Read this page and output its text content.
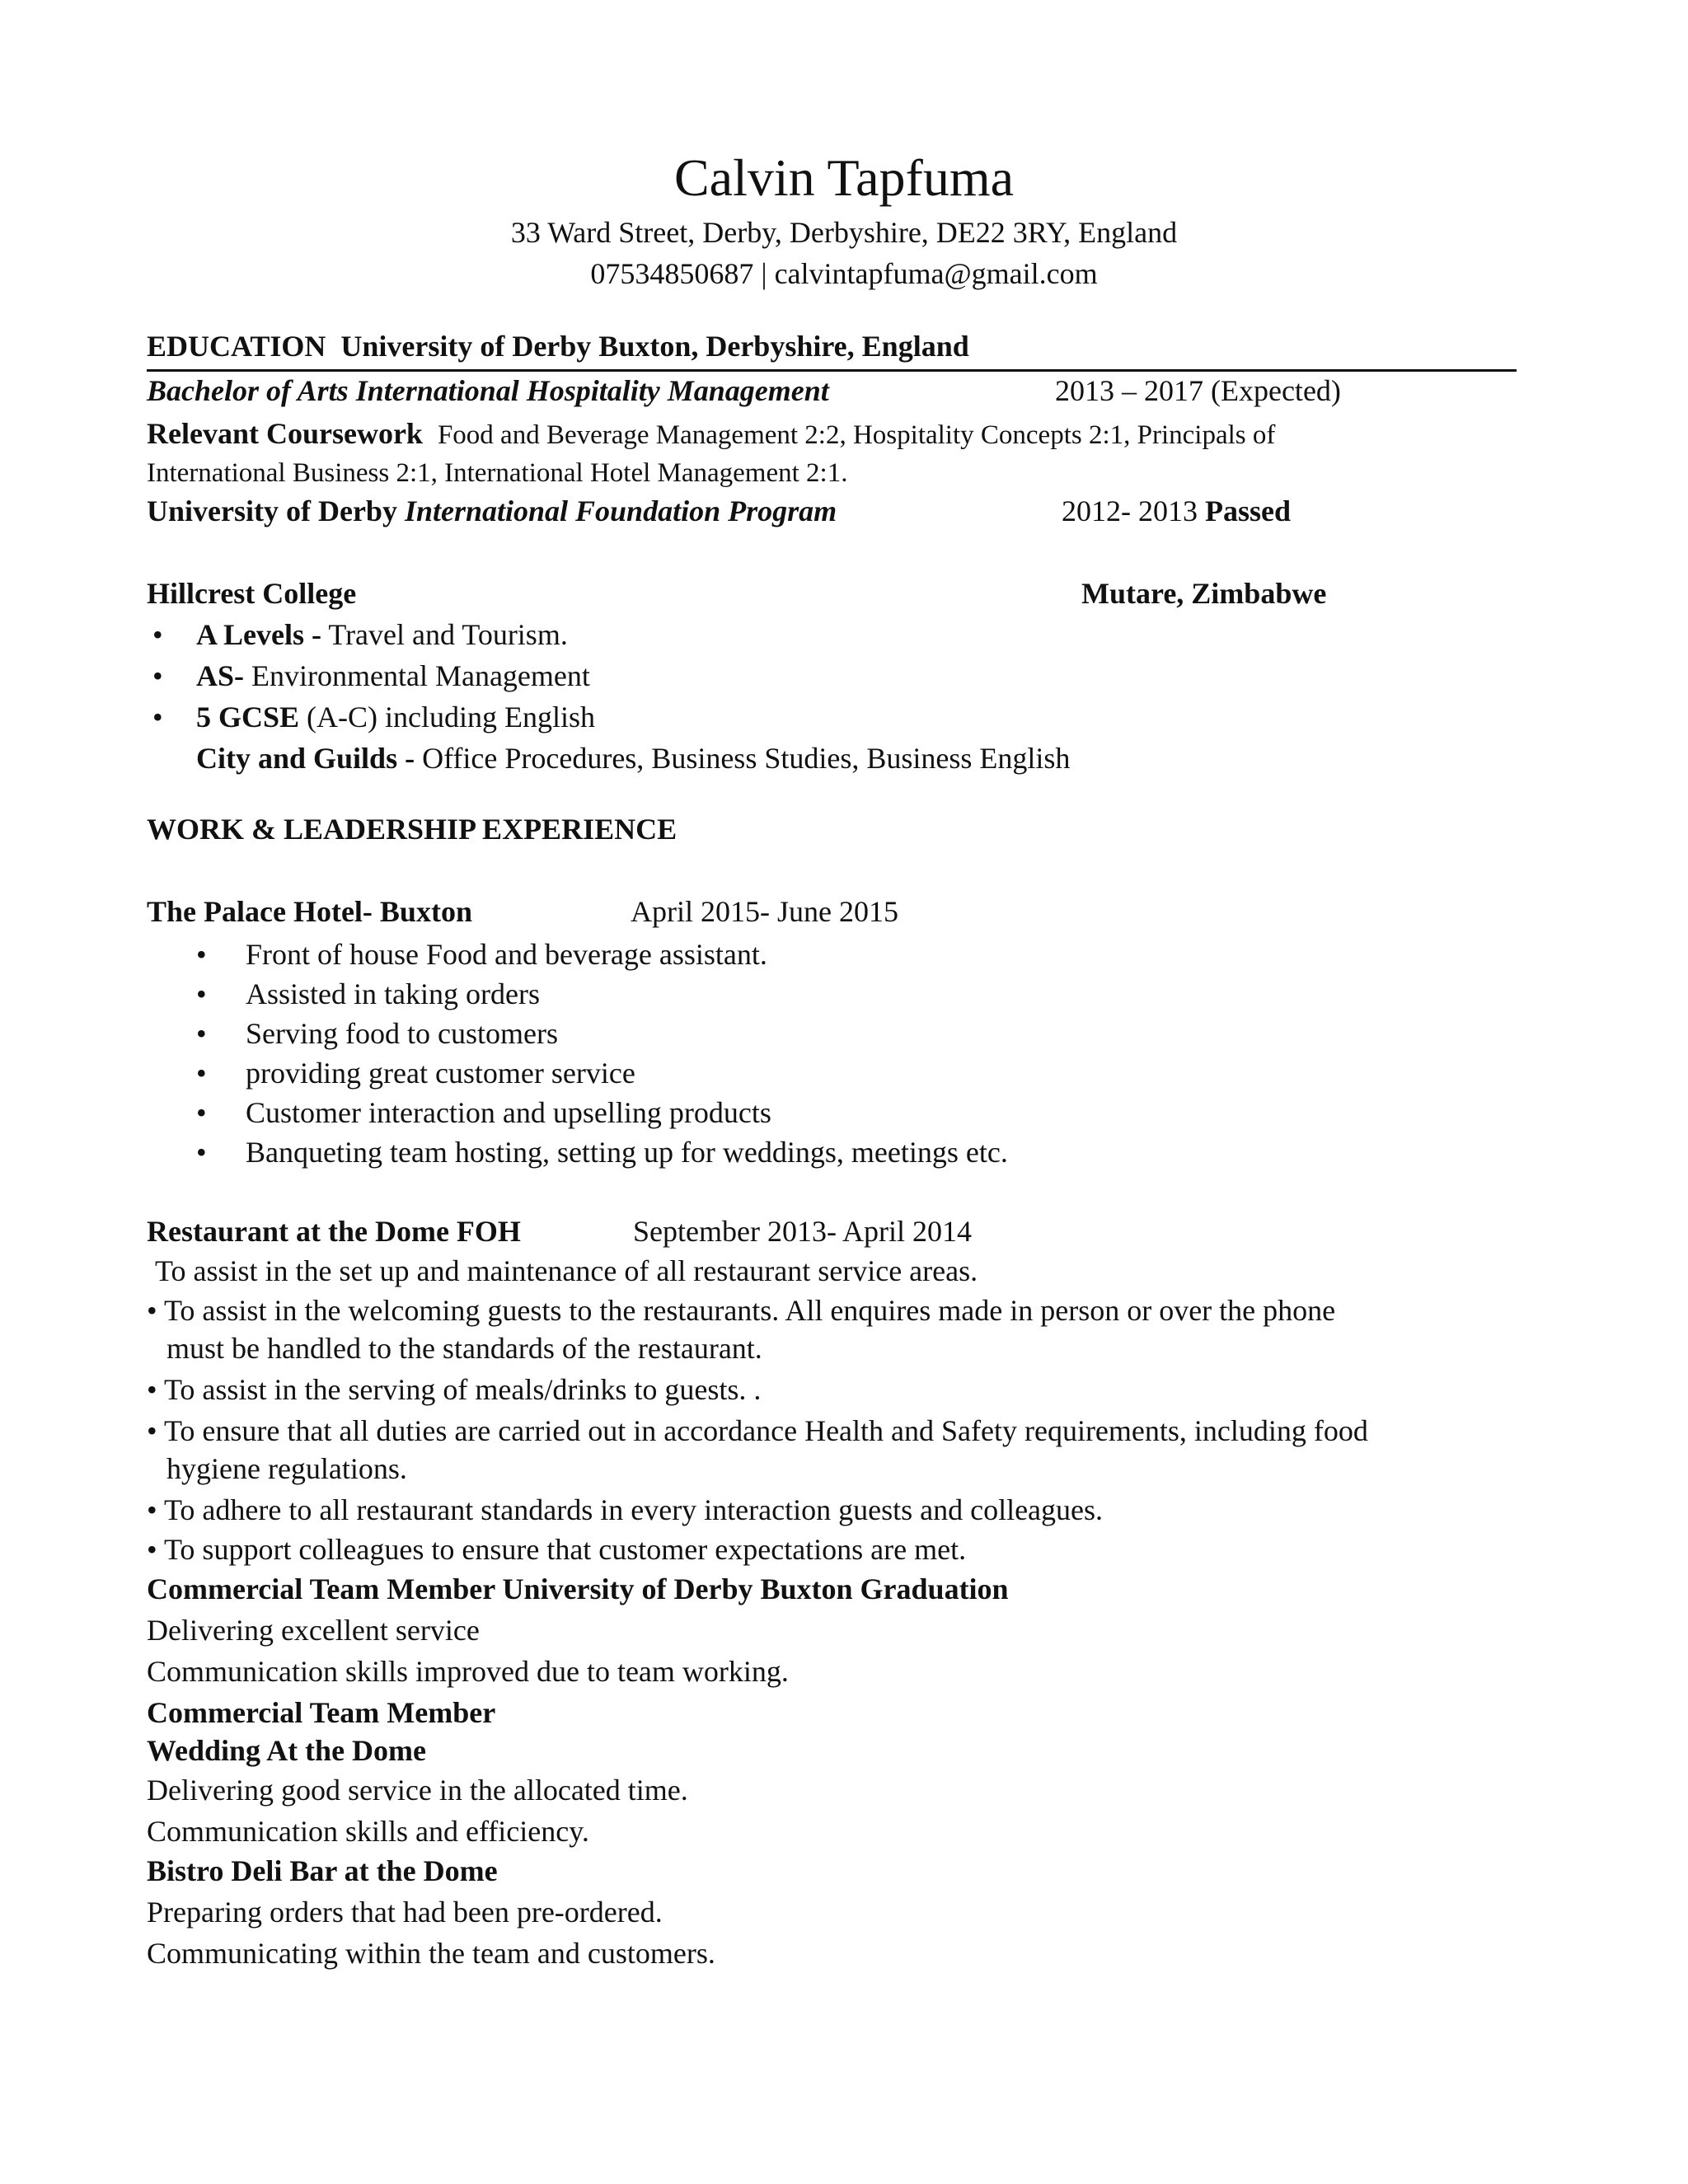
Calvin Tapfuma
33 Ward Street, Derby, Derbyshire, DE22 3RY, England
07534850687 | calvintapfuma@gmail.com
EDUCATION University of Derby Buxton, Derbyshire, England
Bachelor of Arts International Hospitality Management	2013 – 2017 (Expected)
Relevant Coursework Food and Beverage Management 2:2, Hospitality Concepts 2:1, Principals of
International Business 2:1, International Hotel Management 2:1.
University of Derby International Foundation Program	2012- 2013 Passed
Hillcrest College	Mutare, Zimbabwe
• A Levels - Travel and Tourism.
• AS- Environmental Management
• 5 GCSE (A-C) including English
City and Guilds - Office Procedures, Business Studies, Business English
WORK & LEADERSHIP EXPERIENCE
The Palace Hotel- Buxton	April 2015- June 2015
• Front of house Food and beverage assistant.
• Assisted in taking orders
• Serving food to customers
• providing great customer service
• Customer interaction and upselling products
• Banqueting team hosting, setting up for weddings, meetings etc.
Restaurant at the Dome FOH	September 2013- April 2014
To assist in the set up and maintenance of all restaurant service areas.
• To assist in the welcoming guests to the restaurants. All enquires made in person or over the phone
must be handled to the standards of the restaurant.
• To assist in the serving of meals/drinks to guests. .
• To ensure that all duties are carried out in accordance Health and Safety requirements, including food
hygiene regulations.
• To adhere to all restaurant standards in every interaction guests and colleagues.
• To support colleagues to ensure that customer expectations are met.
Commercial Team Member University of Derby Buxton Graduation
Delivering excellent service
Communication skills improved due to team working.
Commercial Team Member
Wedding At the Dome
Delivering good service in the allocated time.
Communication skills and efficiency.
Bistro Deli Bar at the Dome
Preparing orders that had been pre-ordered.
Communicating within the team and customers.
